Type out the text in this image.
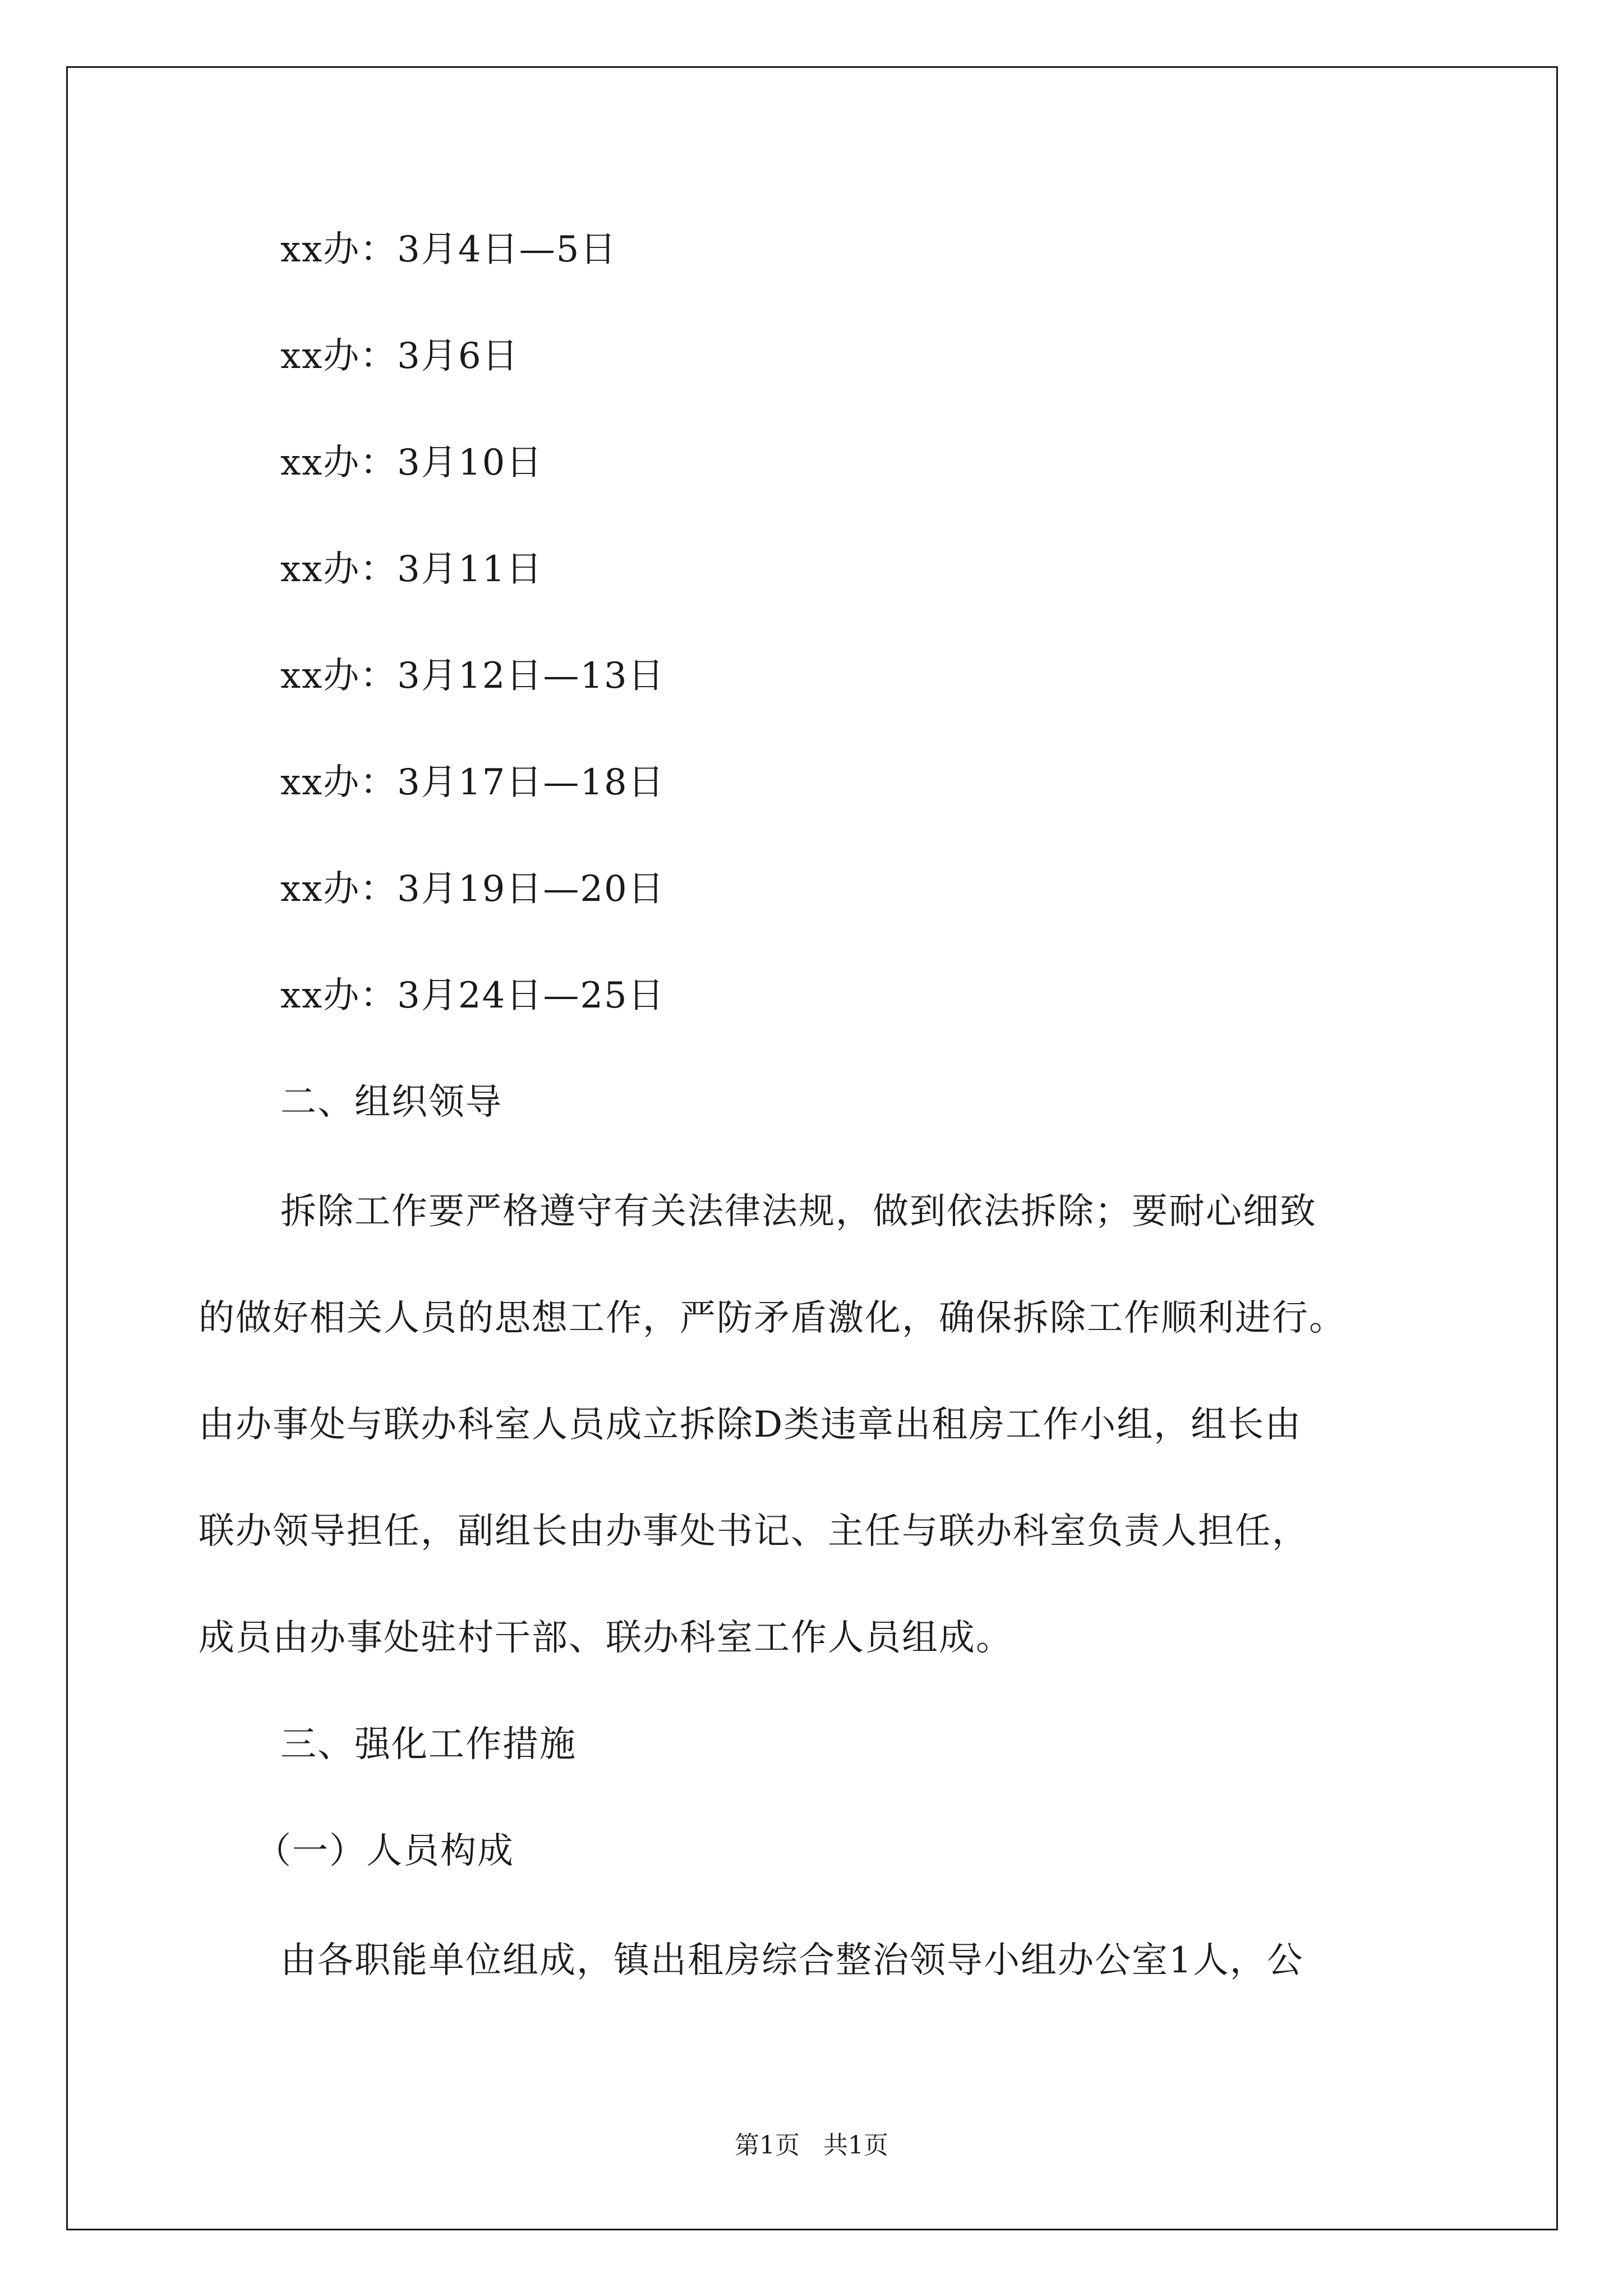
xx办：3月4日—5日
xx办：3月6日
xx办：3月10日
xx办：3月11日
xx办：3月12日—13日
xx办：3月17日—18日
xx办：3月19日—20日
xx办：3月24日—25日
二、组织领导
拆除工作要严格遵守有关法律法规，做到依法拆除；要耐心细致
的做好相关人员的思想工作，严防矛盾激化，确保拆除工作顺利进行。
由办事处与联办科室人员成立拆除D类违章出租房工作小组，组长由
联办领导担任，副组长由办事处书记、主任与联办科室负责人担任，
成员由办事处驻村干部、联办科室工作人员组成。
三、强化工作措施
（一）人员构成
由各职能单位组成，镇出租房综合整治领导小组办公室1人，公
第1页 共1页
